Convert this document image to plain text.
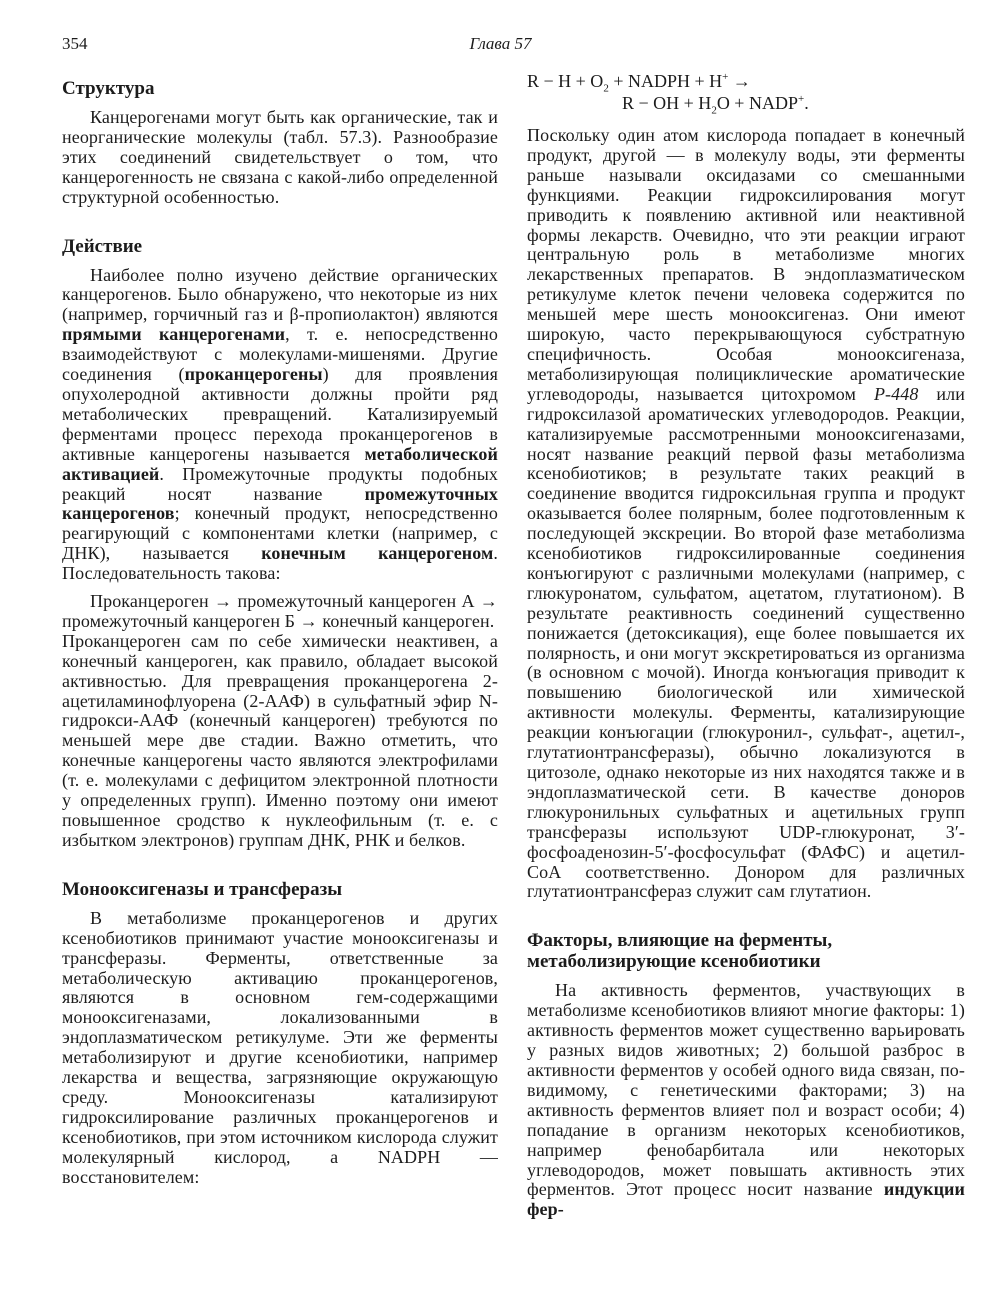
354	Глава 57
Структура

Канцерогенами могут быть как органические, так и неорганические молекулы (табл. 57.3). Разнообразие этих соединений свидетельствует о том, что канцерогенность не связана с какой-либо определенной структурной особенностью.

Действие

Наиболее полно изучено действие органических канцерогенов. Было обнаружено, что некоторые из них (например, горчичный газ и β-пропиолактон) являются прямыми канцерогенами, т. е. непосредственно взаимодействуют с молекулами-мишенями. Другие соединения (проканцерогены) для проявления опухолеродной активности должны пройти ряд метаболических превращений. Катализируемый ферментами процесс перехода проканцерогенов в активные канцерогены называется метаболической активацией. Промежуточные продукты подобных реакций носят название промежуточных канцерогенов; конечный продукт, непосредственно реагирующий с компонентами клетки (например, с ДНК), называется конечным канцерогеном. Последовательность такова:

Проканцероген → промежуточный канцероген А → промежуточный канцероген Б → конечный канцероген.

Проканцероген сам по себе химически неактивен, а конечный канцероген, как правило, обладает высокой активностью. Для превращения проканцерогена 2-ацетиламинофлуорена (2-ААФ) в сульфатный эфир N-гидрокси-ААФ (конечный канцероген) требуются по меньшей мере две стадии. Важно отметить, что конечные канцерогены часто являются электрофилами (т. е. молекулами с дефицитом электронной плотности у определенных групп). Именно поэтому они имеют повышенное сродство к нуклеофильным (т. е. с избытком электронов) группам ДНК, РНК и белков.

Монооксигеназы и трансферазы

В метаболизме проканцерогенов и других ксенобиотиков принимают участие монооксигеназы и трансферазы. Ферменты, ответственные за метаболическую активацию проканцерогенов, являются в основном гем-содержащими монооксигеназами, локализованными в эндоплазматическом ретикулуме. Эти же ферменты метаболизируют и другие ксенобиотики, например лекарства и вещества, загрязняющие окружающую среду. Монооксигеназы катализируют гидроксилирование различных проканцерогенов и ксенобиотиков, при этом источником кислорода служит молекулярный кислород, а NADPH — восстановителем:

$R - H + O_2$ + NADPH + H+ →
R − OH + $H_2O$ + NADP+.

Поскольку один атом кислорода попадает в конечный продукт, другой — в молекулу воды, эти ферменты раньше называли оксидазами со смешанными функциями. Реакции гидроксилирования могут приводить к появлению активной или неактивной формы лекарств. Очевидно, что эти реакции играют центральную роль в метаболизме многих лекарственных препаратов. В эндоплазматическом ретикулуме клеток печени человека содержится по меньшей мере шесть монооксигеназ. Они имеют широкую, часто перекрывающуюся субстратную специфичность. Особая монооксигеназа, метаболизирующая полициклические ароматические углеводороды, называется цитохромом P-448 или гидроксилазой ароматических углеводородов. Реакции, катализируемые рассмотренными монооксигеназами, носят название реакций первой фазы метаболизма ксенобиотиков; в результате таких реакций в соединение вводится гидроксильная группа и продукт оказывается более полярным, более подготовленным к последующей экскреции. Во второй фазе метаболизма ксенобиотиков гидроксилированные соединения конъюгируют с различными молекулами (например, с глюкуронатом, сульфатом, ацетатом, глутатионом). В результате реактивность соединений существенно понижается (детоксикация), еще более повышается их полярность, и они могут экскретироваться из организма (в основном с мочой). Иногда конъюгация приводит к повышению биологической или химической активности молекулы. Ферменты, катализирующие реакции конъюгации (глюкуронил-, сульфат-, ацетил-, глутатионтрансферазы), обычно локализуются в цитозоле, однако некоторые из них находятся также и в эндоплазматической сети. В качестве доноров глюкуронильных сульфатных и ацетильных групп трансферазы используют UDP-глюкуронат, 3′-фосфоаденозин-5′-фосфосульфат (ФАФС) и ацетил-CoA соответственно. Донором для различных глутатионтрансфераз служит сам глутатион.

Факторы, влияющие на ферменты, метаболизирующие ксенобиотики

На активность ферментов, участвующих в метаболизме ксенобиотиков влияют многие факторы: 1) активность ферментов может существенно варьировать у разных видов животных; 2) большой разброс в активности ферментов у особей одного вида связан, по-видимому, с генетическими факторами; 3) на активность ферментов влияет пол и возраст особи; 4) попадание в организм некоторых ксенобиотиков, например фенобарбитала или некоторых углеводородов, может повышать активность этих ферментов. Этот процесс носит название индукции фер-
